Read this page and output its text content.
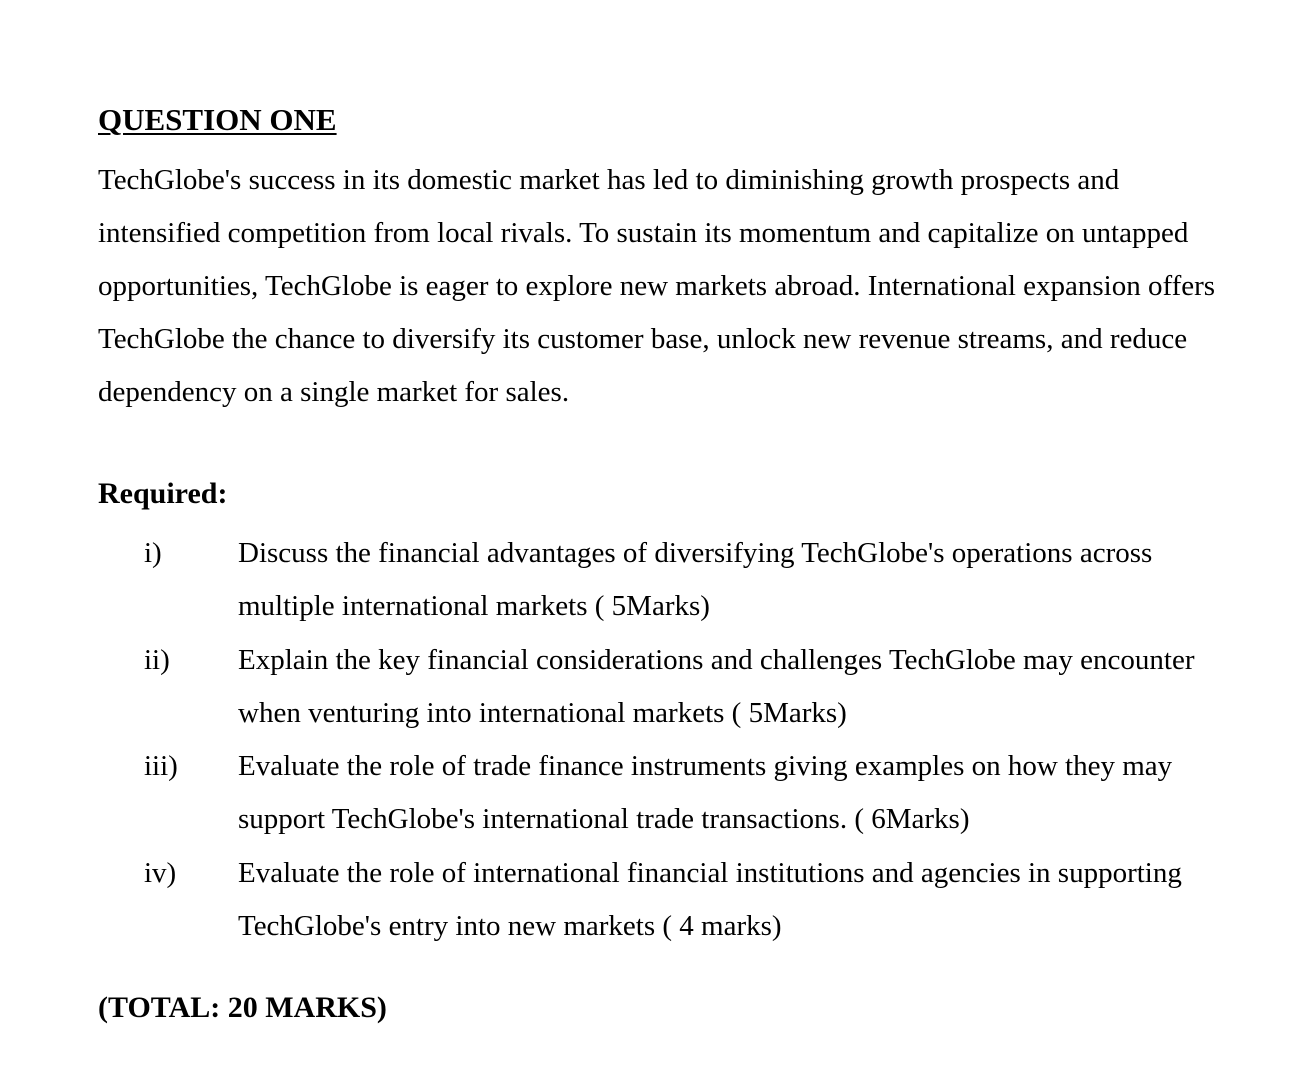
QUESTION ONE

TechGlobe's success in its domestic market has led to diminishing growth prospects and
intensified competition from local rivals. To sustain its momentum and capitalize on untapped
opportunities, TechGlobe is eager to explore new markets abroad. International expansion offers
TechGlobe the chance to diversify its customer base, unlock new revenue streams, and reduce
dependency on a single market for sales.

Required:
i)	Discuss the financial advantages of diversifying TechGlobe's operations across
multiple international markets ( 5Marks)
ii) Explain the key financial considerations and challenges TechGlobe may encounter
when venturing into international markets ( 5Marks)
iii) Evaluate the role of trade finance instruments giving examples on how they may
support TechGlobe's international trade transactions. ( 6Marks)
iv) Evaluate the role of international financial institutions and agencies in supporting
TechGlobe's entry into new markets ( 4 marks)

(TOTAL: 20 MARKS)
